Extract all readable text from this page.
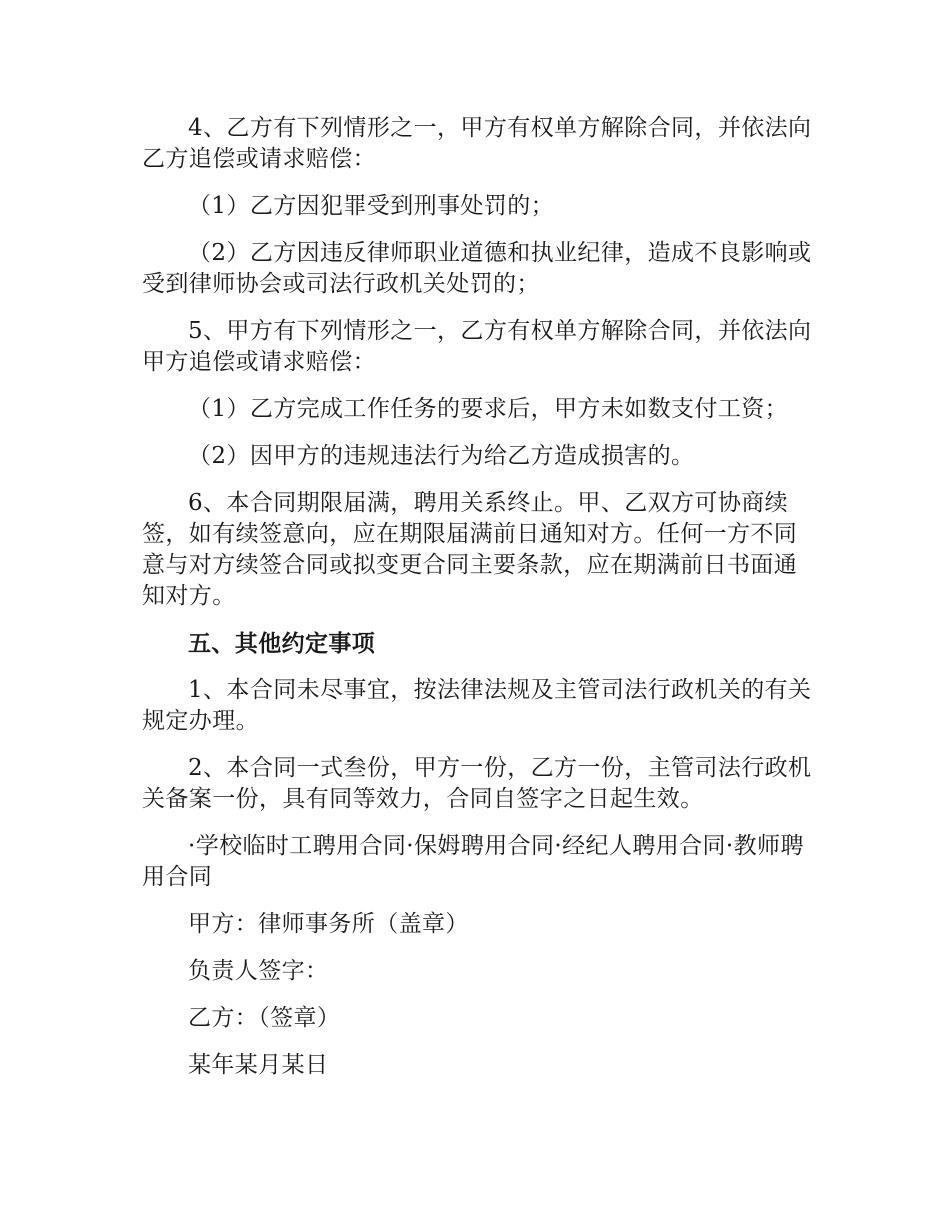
4、乙方有下列情形之一，甲方有权单方解除合同，并依法向乙方追偿或请求赔偿：

（1）乙方因犯罪受到刑事处罚的；

（2）乙方因违反律师职业道德和执业纪律，造成不良影响或受到律师协会或司法行政机关处罚的；

5、甲方有下列情形之一，乙方有权单方解除合同，并依法向甲方追偿或请求赔偿：

（1）乙方完成工作任务的要求后，甲方未如数支付工资；

（2）因甲方的违规违法行为给乙方造成损害的。

6、本合同期限届满，聘用关系终止。甲、乙双方可协商续签，如有续签意向，应在期限届满前日通知对方。任何一方不同意与对方续签合同或拟变更合同主要条款，应在期满前日书面通知对方。

五、其他约定事项

1、本合同未尽事宜，按法律法规及主管司法行政机关的有关规定办理。

2、本合同一式叁份，甲方一份，乙方一份，主管司法行政机关备案一份，具有同等效力，合同自签字之日起生效。

·学校临时工聘用合同·保姆聘用合同·经纪人聘用合同·教师聘用合同

甲方：律师事务所（盖章）

负责人签字：

乙方：（签章）

某年某月某日
